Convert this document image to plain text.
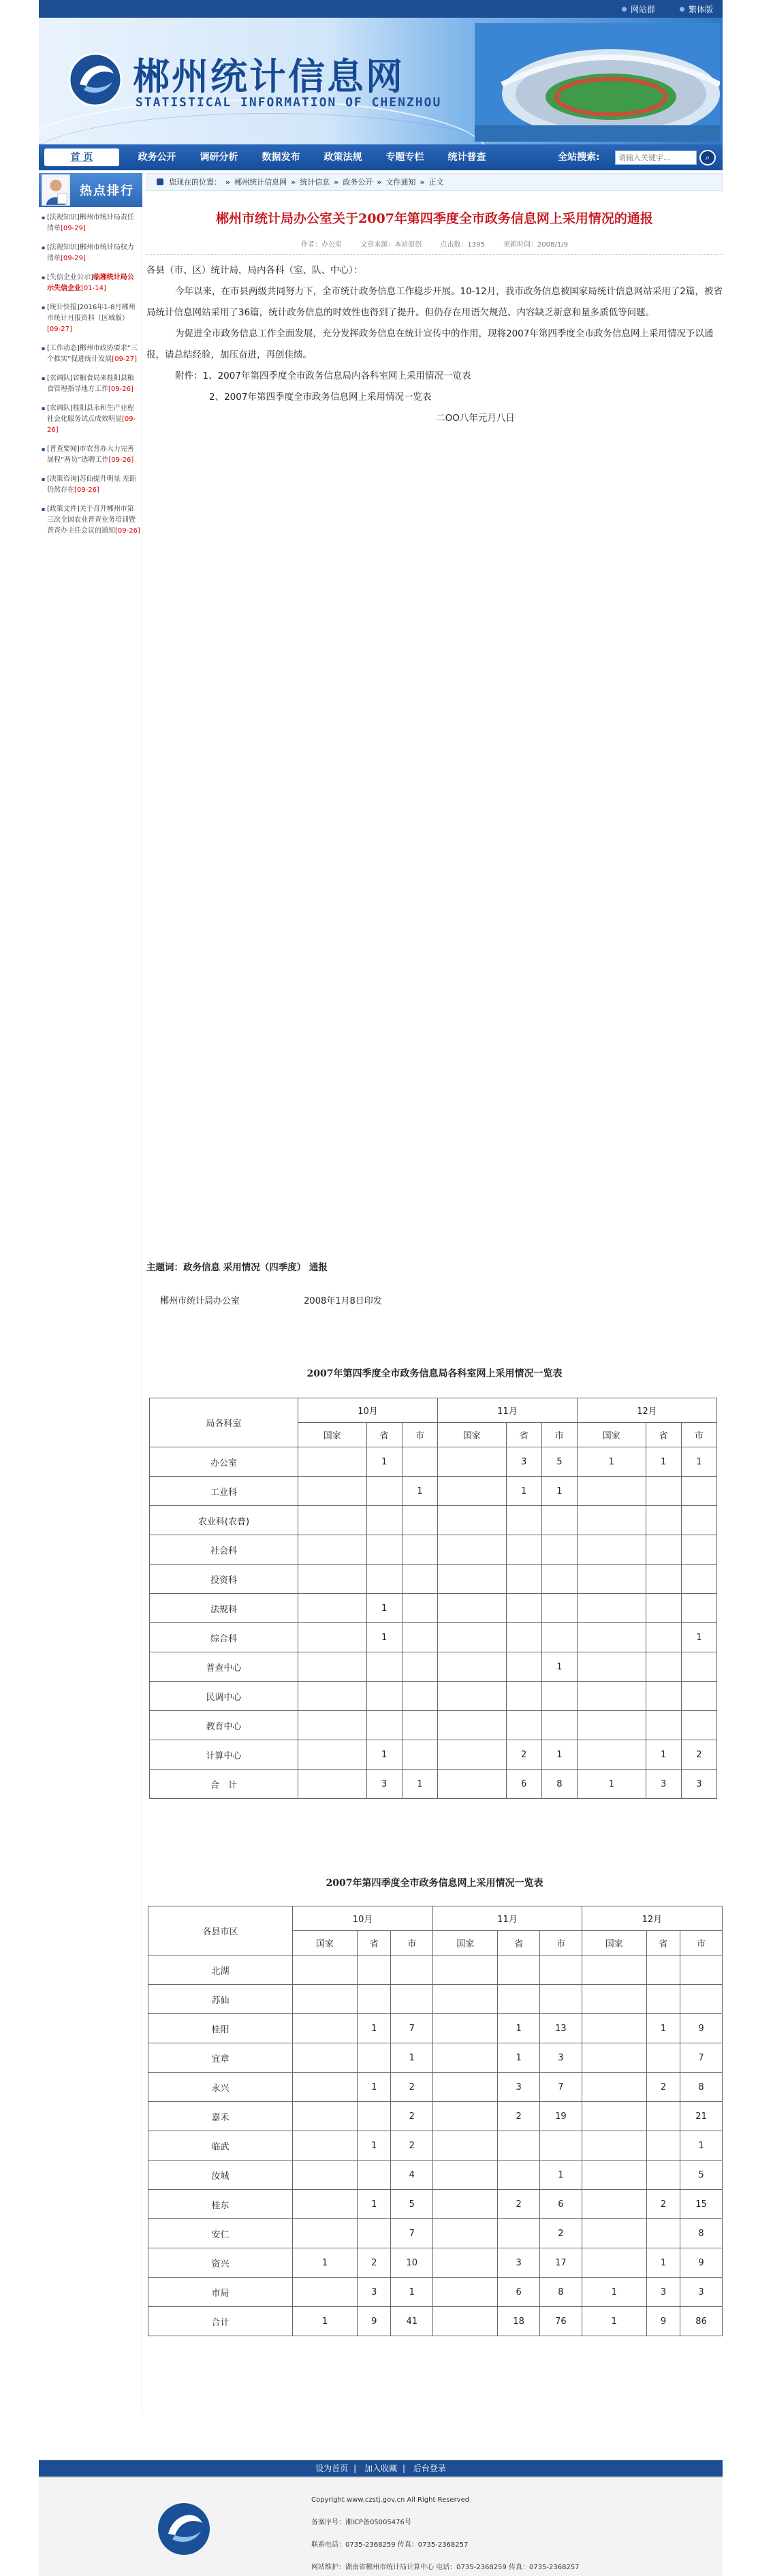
网站群	繁体版
郴州统计信息网
STATISTICAL INFORMATION OF CHENZHOU
首 页	政务公开	调研分析	数据发布	政策法规	专题专栏	统计普查	全站搜索:
请输入关键字...	⌕
热点排行
▪ [法规知识]郴州市统计局责任清单[09-29]
▪ [法规知识]郴州市统计局权力清单[09-29]
▪ [失信企业公示]临湘统计局公示失信企业[01-14]
▪ [统计快报]2016年1-8月郴州市统计月报资料（区域版）[09-27]
▪ [工作动态]郴州市政协要求“三个推实”促进统计发展[09-27]
▪ [农调队]省粮食局来桂阳县粮食管理指导地方工作[09-26]
▪ [农调队]桂阳县永和生产业程社会化服务试点成效明显[09-26]
▪ [普查要闻]市农普办大力完善展程“两员”选聘工作[09-26]
▪ [决策咨询]苏仙提升明显 差距仍然存在[09-26]
▪ [政策文件]关于召开郴州市第三次全国农业普查业务培训暨普查办主任会议的通知[09-26]
您现在的位置： » 郴州统计信息网 » 统计信息 » 政务公开 » 文件通知 » 正文
郴州市统计局办公室关于2007年第四季度全市政务信息网上采用情况的通报
作者：办公室	文章来源：本站原创	点击数：1395	更新时间：2008/1/9

各县（市、区）统计局，局内各科（室、队、中心）：

今年以来，在市县两级共同努力下，全市统计政务信息工作稳步开展。10-12月，我市政务信息被国家局统计信息网站采用了2篇，被省局统计信息网站采用了36篇，统计政务信息的时效性也得到了提升。但仍存在用语欠规范、内容缺乏新意和量多质低等问题。

为促进全市政务信息工作全面发展，充分发挥政务信息在统计宣传中的作用，现将2007年第四季度全市政务信息网上采用情况予以通报，请总结经验，加压奋进，再创佳绩。

附件：1、2007年第四季度全市政务信息局内各科室网上采用情况一览表

2、2007年第四季度全市政务信息网上采用情况一览表

二OO八年元月八日

主题词：政务信息 采用情况（四季度） 通报
郴州市统计局办公室	2008年1月8日印发
2007年第四季度全市政务信息局各科室网上采用情况一览表
局各科室	10月			11月			12月		
	国家	省	市	国家	省	市	国家	省	市
办公室		1			3	5	1	1	1
工业科			1		1	1			
农业科(农普)									
社会科									
投资科									
法规科		1							
综合科		1							1
普查中心						1			
民调中心									
教育中心									
计算中心		1			2	1		1	2
合　计		3	1		6	8	1	3	3
2007年第四季度全市政务信息网上采用情况一览表
各县市区	10月			11月			12月		
	国家	省	市	国家	省	市	国家	省	市
北湖									
苏仙									
桂阳		1	7		1	13		1	9
宜章			1		1	3			7
永兴		1	2		3	7		2	8
嘉禾			2		2	19			21
临武		1	2						1
汝城			4			1			5
桂东		1	5		2	6		2	15
安仁			7			2			8
资兴	1	2	10		3	17		1	9
市局		3	1		6	8	1	3	3
合计	1	9	41		18	76	1	9	86

设为首页 | 加入收藏 | 后台登录
Copyright www.czstj.gov.cn All Right Reserved
备案序号：湘ICP备05005476号
联系电话：0735-2368259 传真：0735-2368257
网站维护：湖南省郴州市统计局计算中心 电话：0735-2368259 传真：0735-2368257
